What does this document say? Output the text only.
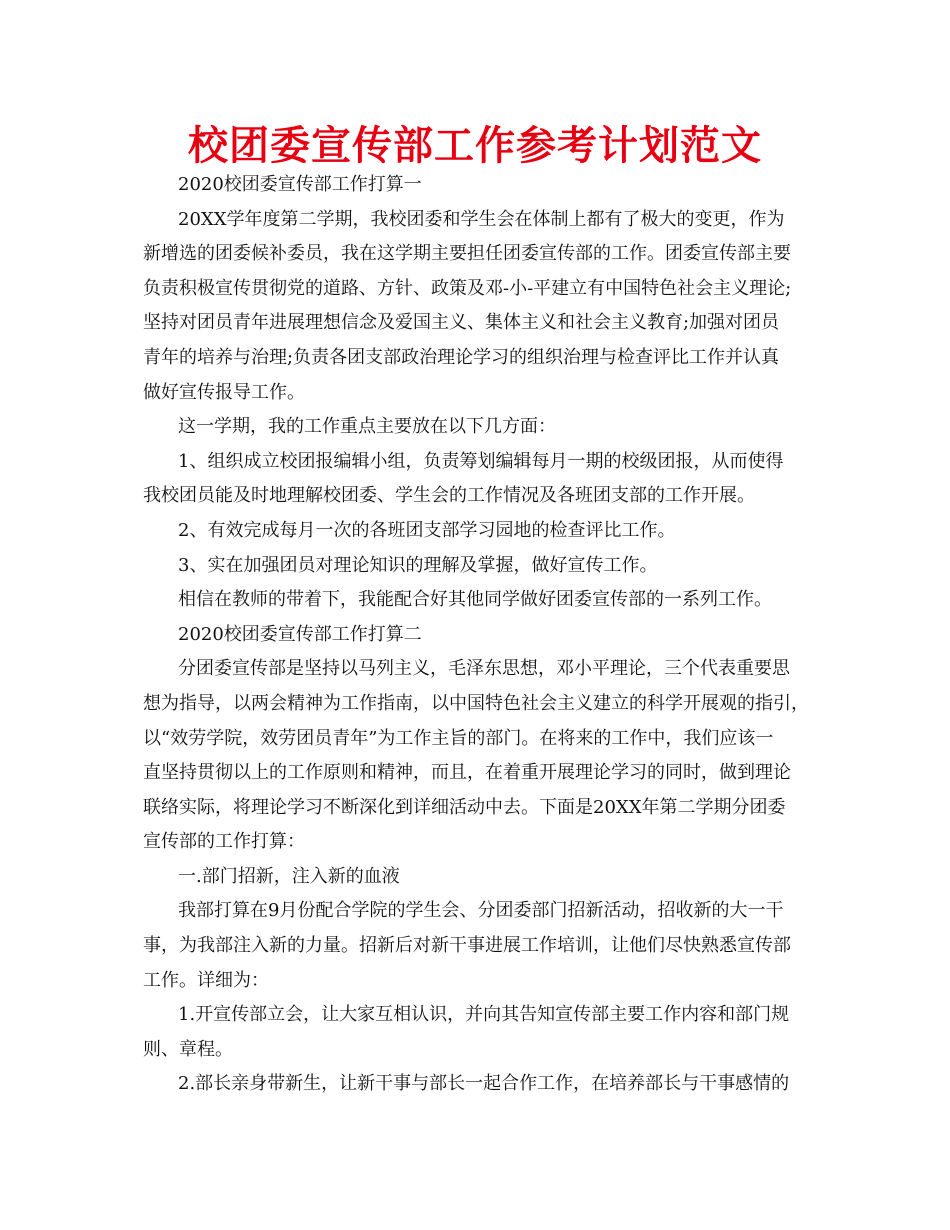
校团委宣传部工作参考计划范文
2020校团委宣传部工作打算一
20XX学年度第二学期，我校团委和学生会在体制上都有了极大的变更，作为
新增选的团委候补委员，我在这学期主要担任团委宣传部的工作。团委宣传部主要
负责积极宣传贯彻党的道路、方针、政策及邓-小-平建立有中国特色社会主义理论;
坚持对团员青年进展理想信念及爱国主义、集体主义和社会主义教育;加强对团员
青年的培养与治理;负责各团支部政治理论学习的组织治理与检查评比工作并认真
做好宣传报导工作。
这一学期，我的工作重点主要放在以下几方面：
1、组织成立校团报编辑小组，负责筹划编辑每月一期的校级团报，从而使得
我校团员能及时地理解校团委、学生会的工作情况及各班团支部的工作开展。
2、有效完成每月一次的各班团支部学习园地的检查评比工作。
3、实在加强团员对理论知识的理解及掌握，做好宣传工作。
相信在教师的带着下，我能配合好其他同学做好团委宣传部的一系列工作。
2020校团委宣传部工作打算二
分团委宣传部是坚持以马列主义，毛泽东思想，邓小平理论，三个代表重要思
想为指导，以两会精神为工作指南，以中国特色社会主义建立的科学开展观的指引，
以“效劳学院，效劳团员青年”为工作主旨的部门。在将来的工作中，我们应该一
直坚持贯彻以上的工作原则和精神，而且，在着重开展理论学习的同时，做到理论
联络实际，将理论学习不断深化到详细活动中去。下面是20XX年第二学期分团委
宣传部的工作打算：
一.部门招新，注入新的血液
我部打算在9月份配合学院的学生会、分团委部门招新活动，招收新的大一干
事，为我部注入新的力量。招新后对新干事进展工作培训，让他们尽快熟悉宣传部
工作。详细为：
1.开宣传部立会，让大家互相认识，并向其告知宣传部主要工作内容和部门规
则、章程。
2.部长亲身带新生，让新干事与部长一起合作工作，在培养部长与干事感情的
